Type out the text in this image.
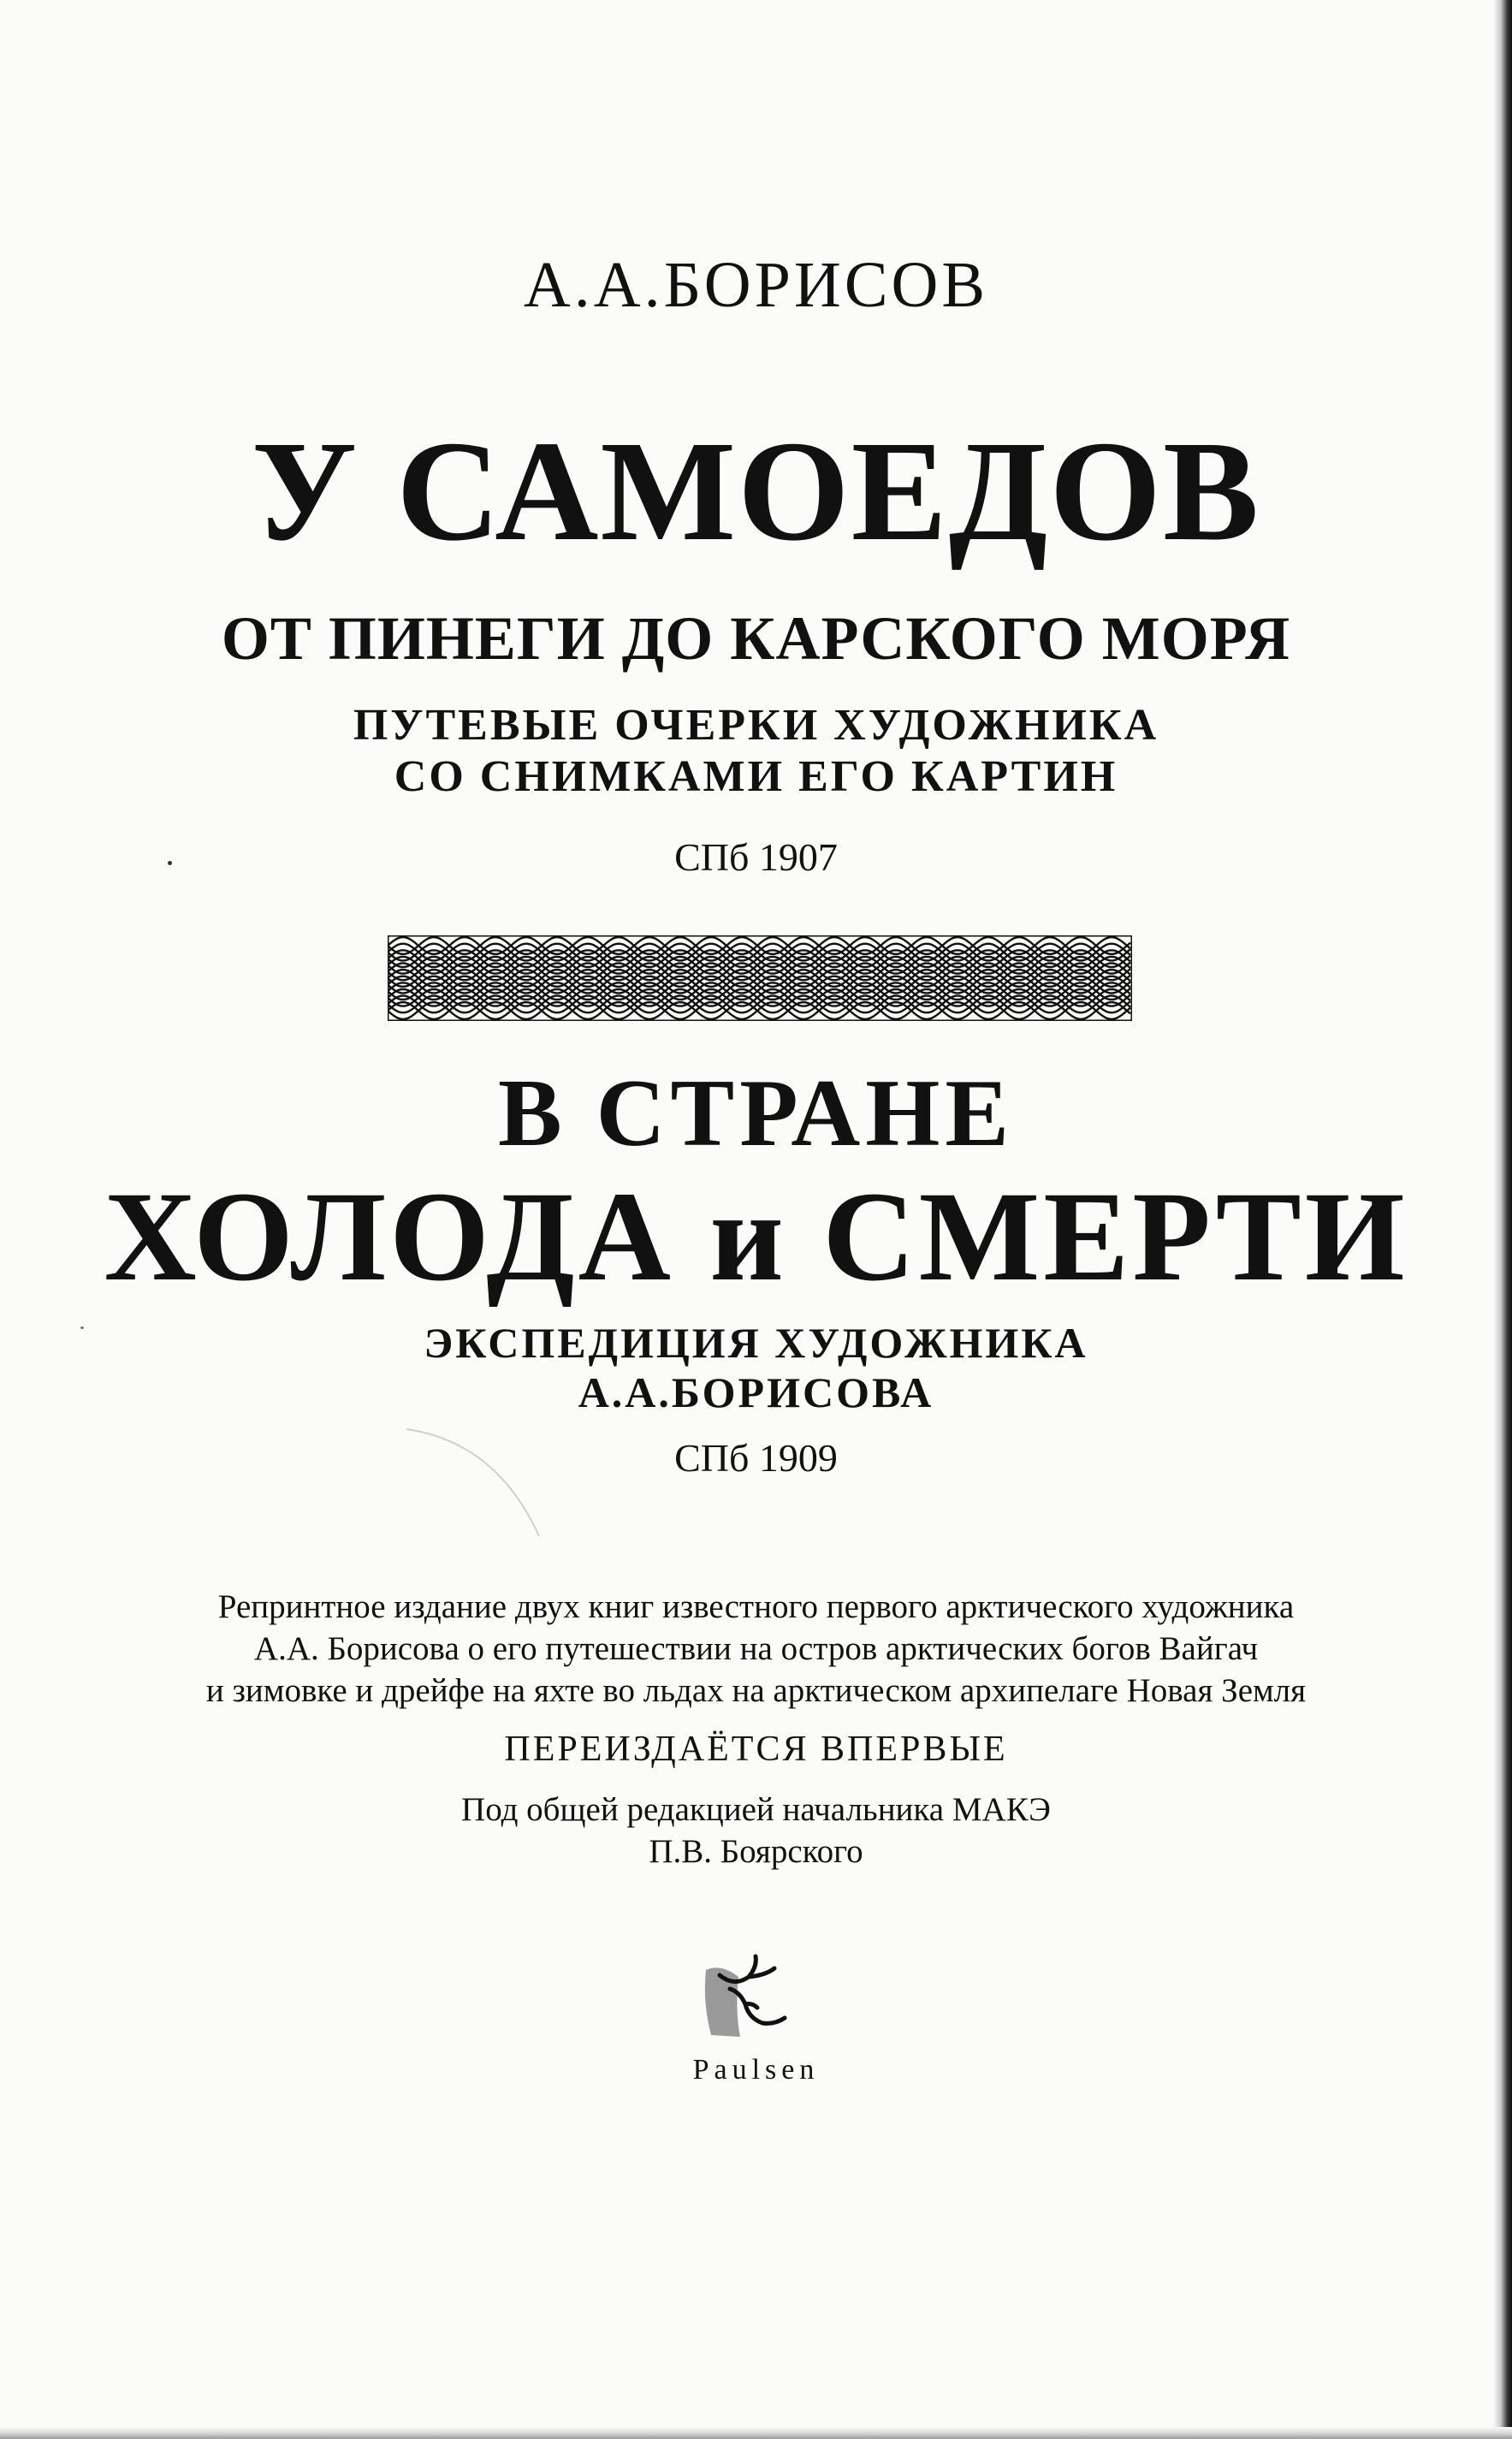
А.А.БОРИСОВ
У САМОЕДОВ
ОТ ПИНЕГИ ДО КАРСКОГО МОРЯ
ПУТЕВЫЕ ОЧЕРКИ ХУДОЖНИКА
СО СНИМКАМИ ЕГО КАРТИН
СПб 1907
В СТРАНЕ
ХОЛОДА и СМЕРТИ
ЭКСПЕДИЦИЯ ХУДОЖНИКА
А.А.БОРИСОВА
СПб 1909
Репринтное издание двух книг известного первого арктического художника
А.А. Борисова о его путешествии на остров арктических богов Вайгач
и зимовке и дрейфе на яхте во льдах на арктическом архипелаге Новая Земля
ПЕРЕИЗДАЁТСЯ ВПЕРВЫЕ
Под общей редакцией начальника МАКЭ
П.В. Боярского
Paulsen
